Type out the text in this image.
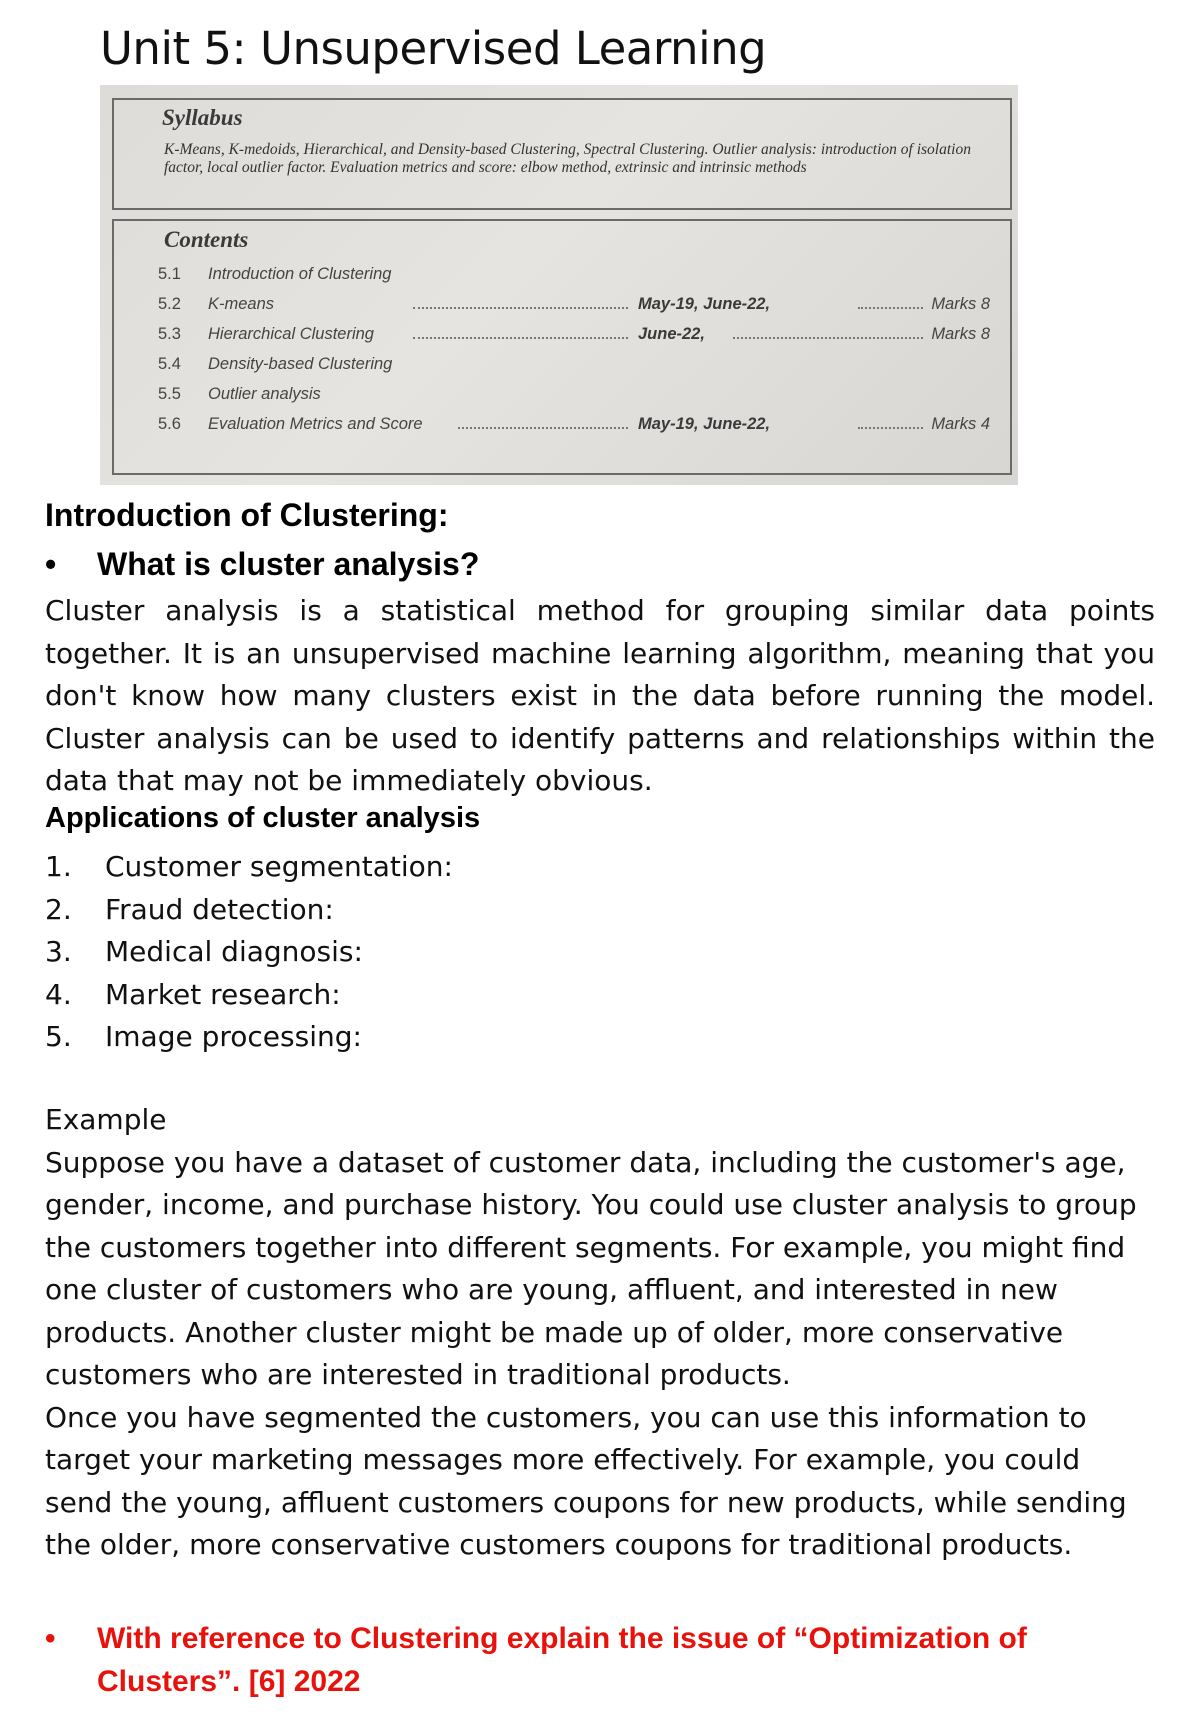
Unit 5: Unsupervised Learning
Syllabus

K-Means, K-medoids, Hierarchical, and Density-based Clustering, Spectral Clustering. Outlier analysis: introduction of isolation factor, local outlier factor. Evaluation metrics and score: elbow method, extrinsic and intrinsic methods

Contents
5.1 Introduction of Clustering
5.2 K-means	May-19, June-22,	Marks 8
5.3 Hierarchical Clustering	June-22,	Marks 8
5.4 Density-based Clustering
5.5 Outlier analysis
5.6 Evaluation Metrics and Score	May-19, June-22,	Marks 4
Introduction of Clustering:
• What is cluster analysis?

Cluster analysis is a statistical method for grouping similar data points together. It is an unsupervised machine learning algorithm, meaning that you don't know how many clusters exist in the data before running the model. Cluster analysis can be used to identify patterns and relationships within the data that may not be immediately obvious.

Applications of cluster analysis
1. Customer segmentation:
2. Fraud detection:
3. Medical diagnosis:
4. Market research:
5. Image processing:

Example

Suppose you have a dataset of customer data, including the customer's age,

gender, income, and purchase history. You could use cluster analysis to group

the customers together into different segments. For example, you might find

one cluster of customers who are young, affluent, and interested in new

products. Another cluster might be made up of older, more conservative

customers who are interested in traditional products.

Once you have segmented the customers, you can use this information to

target your marketing messages more effectively. For example, you could

send the young, affluent customers coupons for new products, while sending

the older, more conservative customers coupons for traditional products.

• With reference to Clustering explain the issue of “Optimization of Clusters”. [6] 2022
